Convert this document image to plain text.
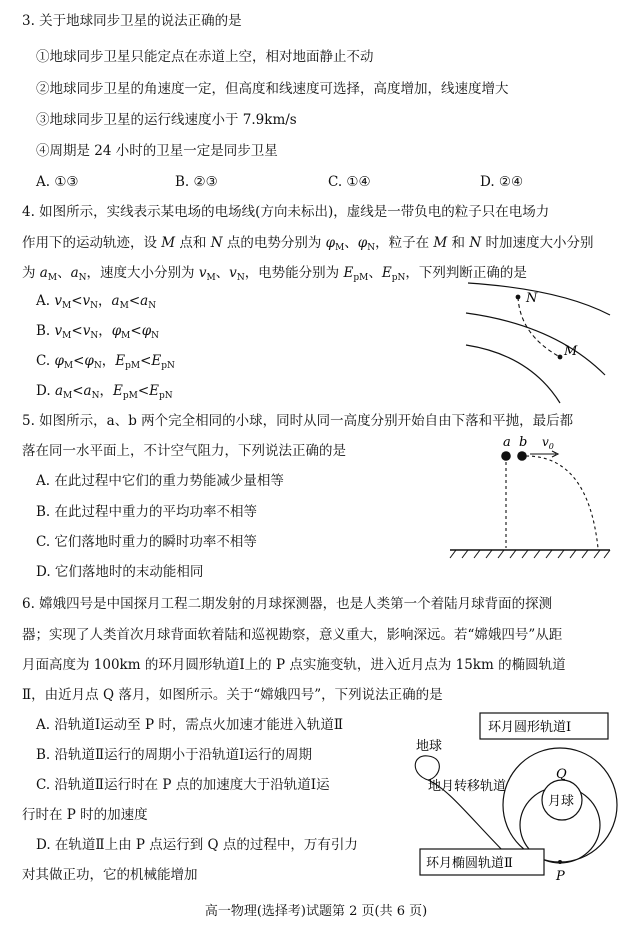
3. 关于地球同步卫星的说法正确的是
①地球同步卫星只能定点在赤道上空，相对地面静止不动
②地球同步卫星的角速度一定，但高度和线速度可选择，高度增加，线速度增大
③地球同步卫星的运行线速度小于 7.9km/s
④周期是 24 小时的卫星一定是同步卫星
A. ①③	B. ②③	C. ①④	D. ②④
4. 如图所示，实线表示某电场的电场线(方向未标出)，虚线是一带负电的粒子只在电场力
作用下的运动轨迹，设 M 点和 N 点的电势分别为 $\varphi_M$、$\varphi_N$，粒子在 M 和 N 时加速度大小分别
为 $a_M$、$a_N$，速度大小分别为 $v_M$、$v_N$，电势能分别为 $E_{pM}$、$E_{pN}$，下列判断正确的是
A. $v_M<v_N$，$a_M<a_N$
B. $v_M<v_N$，$\varphi_M<\varphi_N$
C. $\varphi_M<\varphi_N$，$E_{pM}<E_{pN}$
D. $a_M<a_N$，$E_{pM}<E_{pN}$
N
M
5. 如图所示，a、b 两个完全相同的小球，同时从同一高度分别开始自由下落和平抛，最后都
落在同一水平面上，不计空气阻力，下列说法正确的是
A. 在此过程中它们的重力势能减少量相等
B. 在此过程中重力的平均功率不相等
C. 它们落地时重力的瞬时功率不相等
D. 它们落地时的末动能相同
a b $v_0$
6. 嫦娥四号是中国探月工程二期发射的月球探测器，也是人类第一个着陆月球背面的探测
器；实现了人类首次月球背面软着陆和巡视勘察，意义重大，影响深远。若“嫦娥四号”从距
月面高度为 100km 的环月圆形轨道Ⅰ上的 P 点实施变轨，进入近月点为 15km 的椭圆轨道
Ⅱ，由近月点 Q 落月，如图所示。关于“嫦娥四号”，下列说法正确的是
A. 沿轨道Ⅰ运动至 P 时，需点火加速才能进入轨道Ⅱ
B. 沿轨道Ⅱ运行的周期小于沿轨道Ⅰ运行的周期
C. 沿轨道Ⅱ运行时在 P 点的加速度大于沿轨道Ⅰ运
行时在 P 时的加速度
D. 在轨道Ⅱ上由 P 点运行到 Q 点的过程中，万有引力
对其做正功，它的机械能增加
环月圆形轨道Ⅰ
地球
地月转移轨道
月球
Q
P
环月椭圆轨道Ⅱ
高一物理(选择考)试题第 2 页(共 6 页)
